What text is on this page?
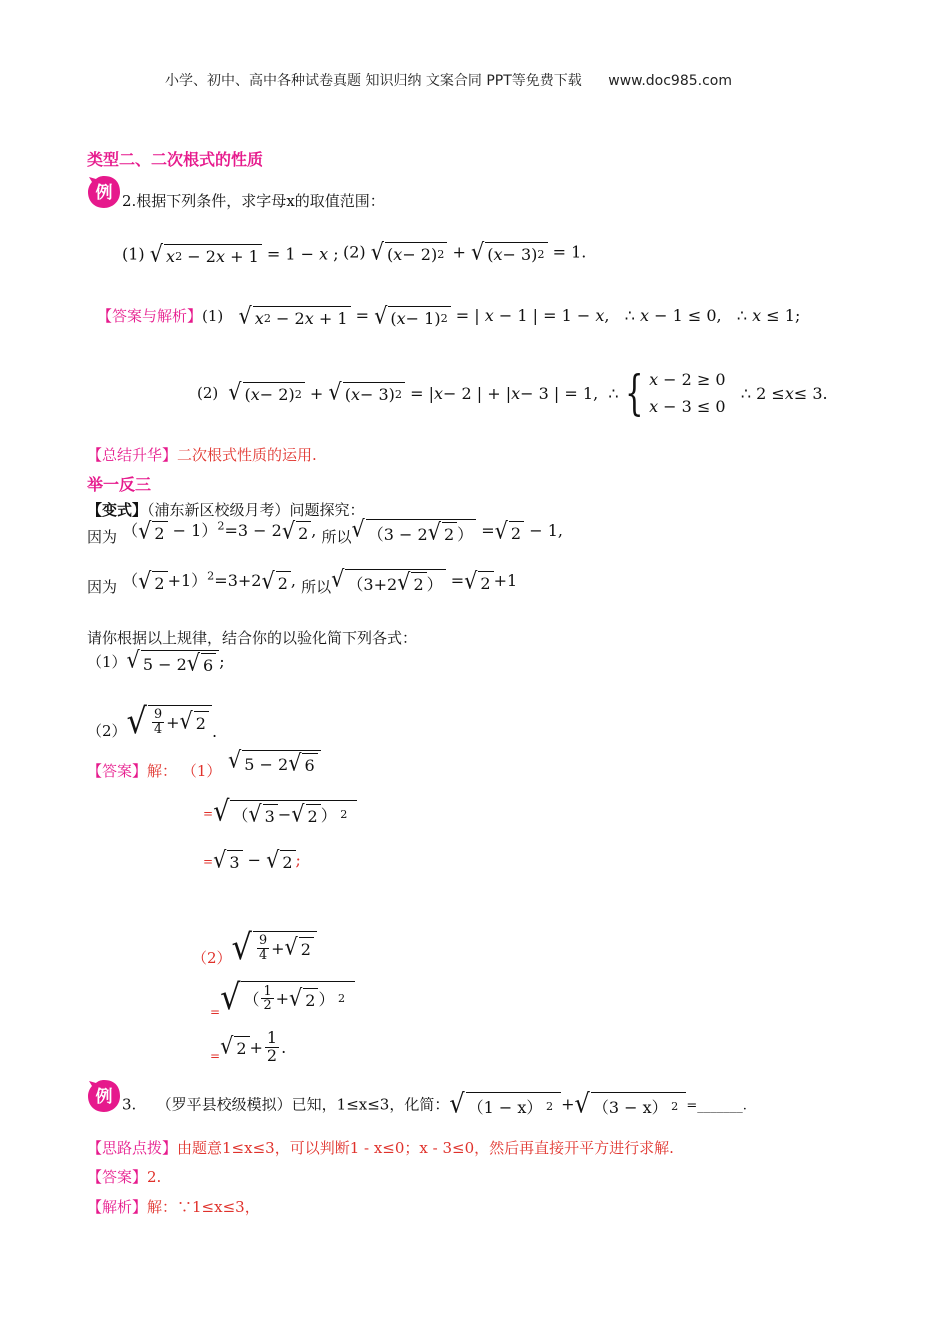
小学、初中、高中各种试卷真题 知识归纳 文案合同 PPT等免费下载 www.doc985.com
类型二、二次根式的性质
例 2.根据下列条件，求字母x的取值范围：
(1) √ x 2 − 2 x + 1 = 1 − x ; (2) √ ( x − 2) 2 + √ ( x − 3) 2 = 1.
【答案与解析】(1) √ x 2 − 2 x + 1 = √ ( x − 1) 2 = | x − 1 | = 1 − x,   ∴ x − 1 ≤ 0,   ∴ x ≤ 1;
(2) √ ( x − 2) 2 + √ ( x − 3) 2 = | x − 2 | + | x − 3 | = 1,  ∴ { x − 2 ≥ 0
x − 3 ≤ 0
∴ 2 ≤ x ≤ 3.
【总结升华】二次根式性质的运用.
举一反三
【变式】（浦东新区校级月考）问题探究：
因为 （ √ 2 − 1）$^2$=3 − 2 √ 2 , 所以 √ （3 − 2 √ 2 ） = √ 2 − 1,
因为 （ √ 2 +1）$^2$=3+2 √ 2 , 所以 √ （3+2 √ 2 ） = √ 2 +1
请你根据以上规律，结合你的以验化简下列各式：
（1） √ 5 − 2 √ 6 ;
（2） √ $\frac{9}{4}$ + √ 2 .
【答案】解： （1） √ 5 − 2 √ 6
= √ （ √ 3 − √ 2 ） 2
= √ 3 − √ 2 ;
（2） √ $\frac{9}{4}$ + √ 2
= √ （ $\frac{1}{2}$ + √ 2 ） 2
= √ $2 + \frac{1}{2}$ .
例 3. （罗平县校级模拟）已知，1≤x≤3，化简： √ （1 − x） 2 + √ （3 − x） 2 =_______.
【思路点拨】由题意1≤x≤3，可以判断1 - x≤0；x - 3≤0，然后再直接开平方进行求解.
【答案】2.
【解析】解：∵1≤x≤3，
